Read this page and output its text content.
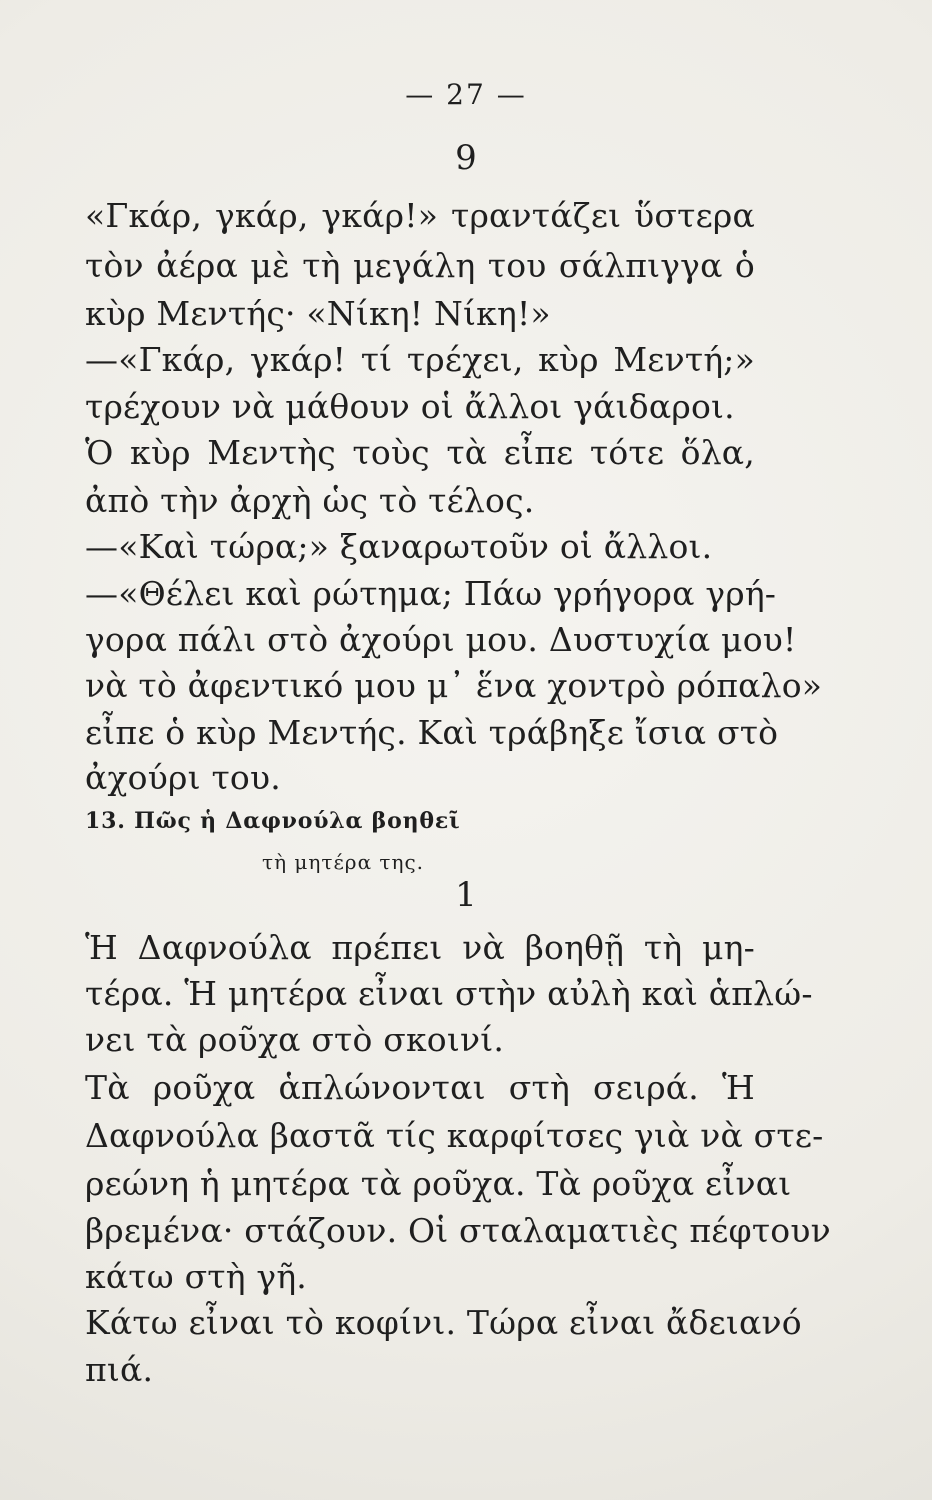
— 27 —
9
«Γκάρ, γκάρ, γκάρ!» τραντάζει ὕστερα
τὸν ἀέρα μὲ τὴ μεγάλη του σάλπιγγα ὁ
κὺρ Μεντής· «Νίκη! Νίκη!»
—«Γκάρ, γκάρ! τί τρέχει, κὺρ Μεντή;»
τρέχουν νὰ μάθουν οἱ ἄλλοι γάιδαροι.
Ὁ κὺρ Μεντὴς τοὺς τὰ εἶπε τότε ὅλα,
ἀπὸ τὴν ἀρχὴ ὡς τὸ τέλος.
—«Καὶ τώρα;» ξαναρωτοῦν οἱ ἄλλοι.
—«Θέλει καὶ ρώτημα; Πάω γρήγορα γρή-
γορα πάλι στὸ ἀχούρι μου. Δυστυχία μου!
νὰ τὸ ἀφεντικό μου μ᾽ ἕνα χοντρὸ ρόπαλο»
εἶπε ὁ κὺρ Μεντής. Καὶ τράβηξε ἴσια στὸ
ἀχούρι του.
13. Πῶς ἡ Δαφνούλα βοηθεῖ
τὴ μητέρα της.
1
Ἡ Δαφνούλα πρέπει νὰ βοηθῇ τὴ μη-
τέρα. Ἡ μητέρα εἶναι στὴν αὐλὴ καὶ ἁπλώ-
νει τὰ ροῦχα στὸ σκοινί.
Τὰ ροῦχα ἁπλώνονται στὴ σειρά. Ἡ
Δαφνούλα βαστᾶ τίς καρφίτσες γιὰ νὰ στε-
ρεώνη ἡ μητέρα τὰ ροῦχα. Τὰ ροῦχα εἶναι
βρεμένα· στάζουν. Οἱ σταλαματιὲς πέφτουν
κάτω στὴ γῆ.
Κάτω εἶναι τὸ κοφίνι. Τώρα εἶναι ἄδειανό
πιά.
